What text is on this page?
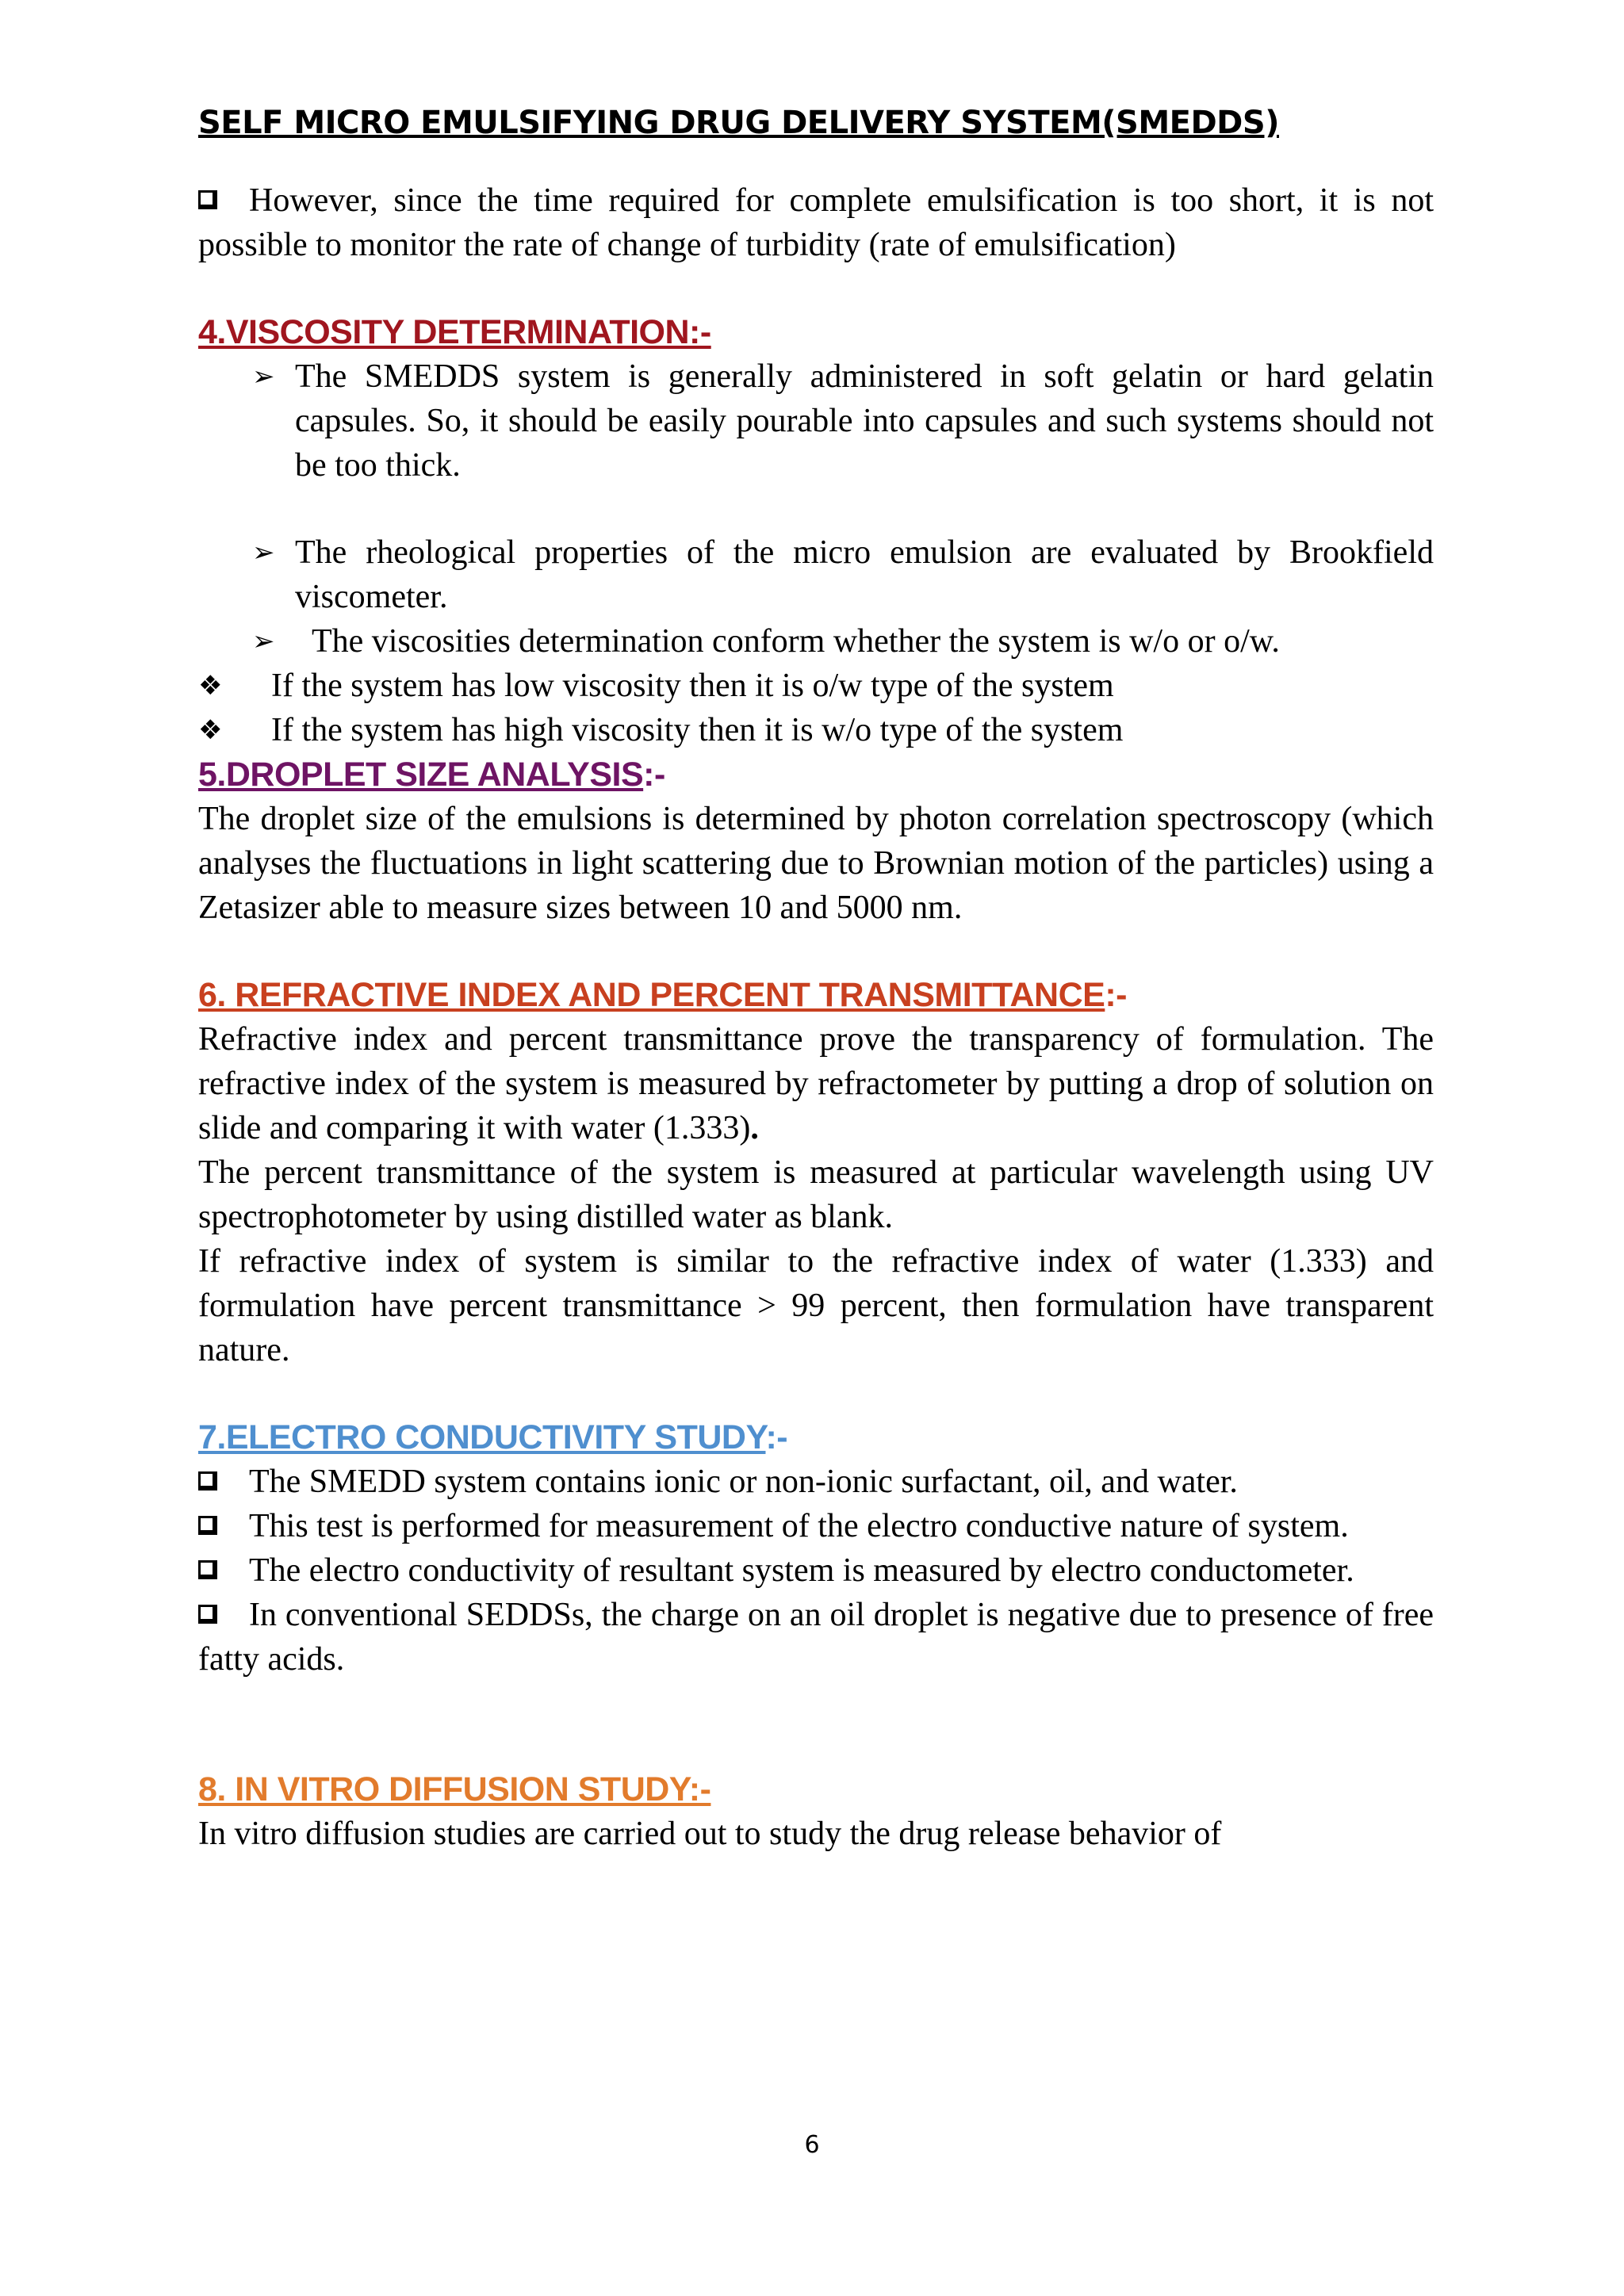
SELF MICRO EMULSIFYING DRUG DELIVERY SYSTEM(SMEDDS)

However, since the time required for complete emulsification is too short, it is not possible to monitor the rate of change of turbidity (rate of emulsification)

4.VISCOSITY DETERMINATION:-
➢ The SMEDDS system is generally administered in soft gelatin or hard gelatin capsules. So, it should be easily pourable into capsules and such systems should not be too thick.
➢ The rheological properties of the micro emulsion are evaluated by Brookfield viscometer.
➢ The viscosities determination conform whether the system is w/o or o/w.
❖ If the system has low viscosity then it is o/w type of the system
❖ If the system has high viscosity then it is w/o type of the system
5.DROPLET SIZE ANALYSIS:-

The droplet size of the emulsions is determined by photon correlation spectroscopy (which analyses the fluctuations in light scattering due to Brownian motion of the particles) using a Zetasizer able to measure sizes between 10 and 5000 nm.

6. REFRACTIVE INDEX AND PERCENT TRANSMITTANCE:-

Refractive index and percent transmittance prove the transparency of formulation. The refractive index of the system is measured by refractometer by putting a drop of solution on slide and comparing it with water (1.333).

The percent transmittance of the system is measured at particular wavelength using UV spectrophotometer by using distilled water as blank.

If refractive index of system is similar to the refractive index of water (1.333) and formulation have percent transmittance > 99 percent, then formulation have transparent nature.

7.ELECTRO CONDUCTIVITY STUDY:-

The SMEDD system contains ionic or non-ionic surfactant, oil, and water.

This test is performed for measurement of the electro conductive nature of system.

The electro conductivity of resultant system is measured by electro conductometer.

In conventional SEDDSs, the charge on an oil droplet is negative due to presence of free fatty acids.

8. IN VITRO DIFFUSION STUDY:-

In vitro diffusion studies are carried out to study the drug release behavior of

6
